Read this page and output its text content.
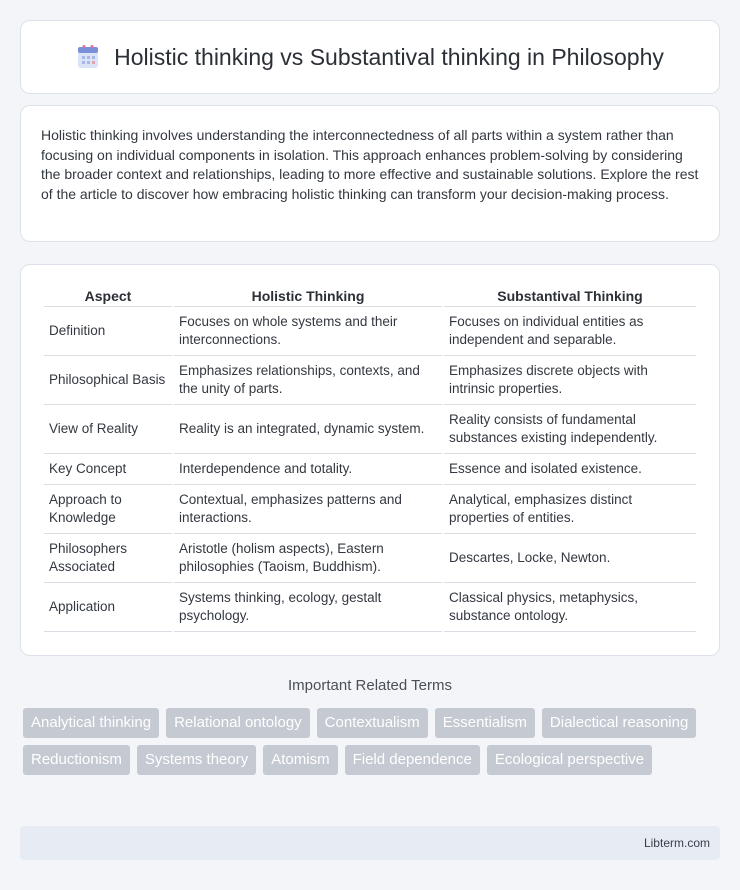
Holistic thinking vs Substantival thinking in Philosophy

Holistic thinking involves understanding the interconnectedness of all parts within a system rather than focusing on individual components in isolation. This approach enhances problem-solving by considering the broader context and relationships, leading to more effective and sustainable solutions. Explore the rest of the article to discover how embracing holistic thinking can transform your decision-making process.

Aspect	Holistic Thinking	Substantival Thinking
Definition	Focuses on whole systems and their interconnections.	Focuses on individual entities as independent and separable.
Philosophical Basis	Emphasizes relationships, contexts, and the unity of parts.	Emphasizes discrete objects with intrinsic properties.
View of Reality	Reality is an integrated, dynamic system.	Reality consists of fundamental substances existing independently.
Key Concept	Interdependence and totality.	Essence and isolated existence.
Approach to Knowledge	Contextual, emphasizes patterns and interactions.	Analytical, emphasizes distinct properties of entities.
Philosophers Associated	Aristotle (holism aspects), Eastern philosophies (Taoism, Buddhism).	Descartes, Locke, Newton.
Application	Systems thinking, ecology, gestalt psychology.	Classical physics, metaphysics, substance ontology.
Important Related Terms
Analytical thinking	Relational ontology	Contextualism	Essentialism	Dialectical reasoning
Reductionism	Systems theory	Atomism	Field dependence	Ecological perspective
Libterm.com
